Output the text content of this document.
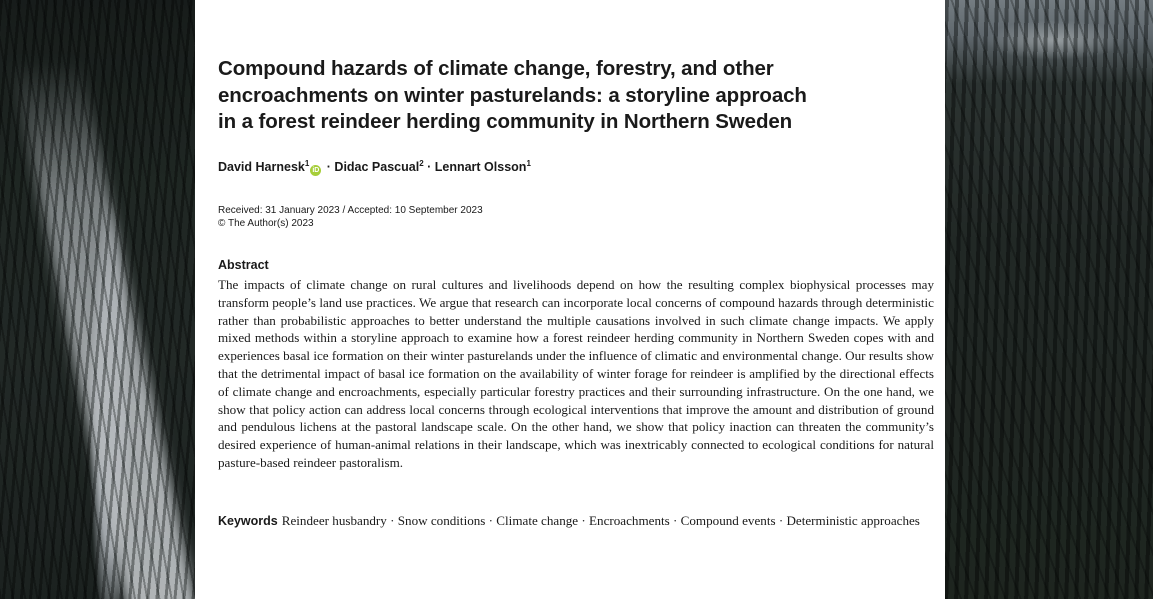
Compound hazards of climate change, forestry, and other encroachments on winter pasturelands: a storyline approach in a forest reindeer herding community in Northern Sweden
David Harnesk$^1$iD · Didac Pascual$^2$ · Lennart Olsson$^1$
Received: 31 January 2023 / Accepted: 10 September 2023
© The Author(s) 2023
Abstract
The impacts of climate change on rural cultures and livelihoods depend on how the resulting complex biophysical processes may transform people’s land use practices. We argue that research can incorporate local concerns of compound hazards through deterministic rather than probabilistic approaches to better understand the multiple causations involved in such climate change impacts. We apply mixed methods within a storyline approach to examine how a forest reindeer herding community in Northern Sweden copes with and experiences basal ice formation on their winter pasturelands under the influence of climatic and environmental change. Our results show that the detrimental impact of basal ice formation on the availability of winter forage for reindeer is amplified by the directional effects of climate change and encroachments, especially particular forestry practices and their surrounding infrastructure. On the one hand, we show that policy action can address local concerns through ecological interventions that improve the amount and distribution of ground and pendulous lichens at the pastoral landscape scale. On the other hand, we show that policy inaction can threaten the community’s desired experience of human-animal relations in their landscape, which was inextricably connected to ecological conditions for natural pasture-based reindeer pastoralism.
Keywords Reindeer husbandry · Snow conditions · Climate change · Encroachments · Compound events · Deterministic approaches
